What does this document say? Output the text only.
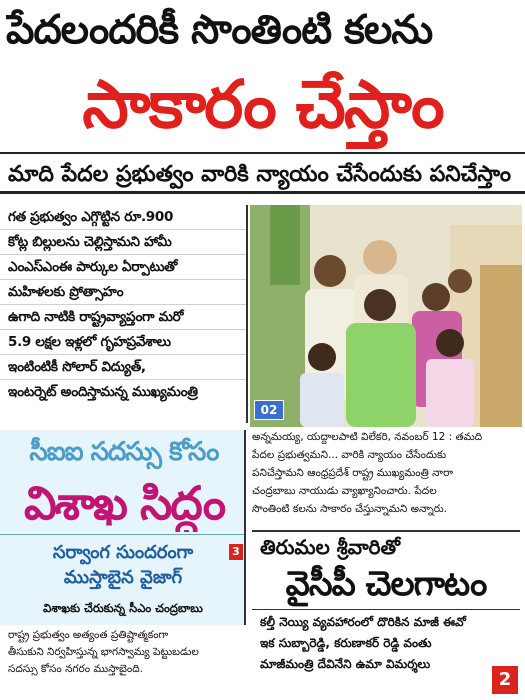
పేదలందరికీ సొంతింటి కలను
సాకారం చేస్తాం
మాది పేదల ప్రభుత్వం వారికి న్యాయం చేసేందుకు పనిచేస్తాం
గత ప్రభుత్వం ఎగ్గొట్టిన రూ.900
కోట్ల బిల్లులను చెల్లిస్తామని హామీ
ఎంఎస్‌ఎంఈ పార్కుల ఏర్పాటుతో
మహిళలకు ప్రోత్సాహం
ఉగాది నాటికి రాష్ట్రవ్యాప్తంగా మరో
5.9 లక్షల ఇళ్లలో గృహప్రవేశాలు
ఇంటింటికీ సోలార్ విద్యుత్,
ఇంటర్నెట్ అందిస్తామన్న ముఖ్యమంత్రి
02
అన్నమయ్య, యద్దాలపాటి విలేకరి, నవంబర్ 12 : తమది
పేదల ప్రభుత్వమని... వారికి న్యాయం చేసేందుకు
పనిచేస్తామని ఆంధ్రప్రదేశ్ రాష్ట్ర ముఖ్యమంత్రి నారా
చంద్రబాబు నాయుడు వ్యాఖ్యానించారు. పేదల
సొంతింటి కలను సాకారం చేస్తున్నామని అన్నారు.
సీఐఐ సదస్సు కోసం
విశాఖ సిద్ధం
సర్వాంగ సుందరంగా
ముస్తాబైన వైజాగ్
3
విశాఖకు చేరుకున్న సీఎం చంద్రబాబు
రాష్ట్ర ప్రభుత్వం అత్యంత ప్రతిష్టాత్మకంగా
తీసుకుని నిర్వహిస్తున్న భాగస్వామ్య పెట్టుబడుల
సదస్సు కోసం నగరం ముస్తాబైంది.
తిరుమల శ్రీవారితో
వైసీపీ చెలగాటం
కల్తీ నెయ్యి వ్యవహారంలో దొరికిన మాజీ ఈవో
ఇక సుబ్బారెడ్డి, కరుణాకర్ రెడ్డి వంతు
మాజీమంత్రి దేవినేని ఉమా విమర్శలు
2
